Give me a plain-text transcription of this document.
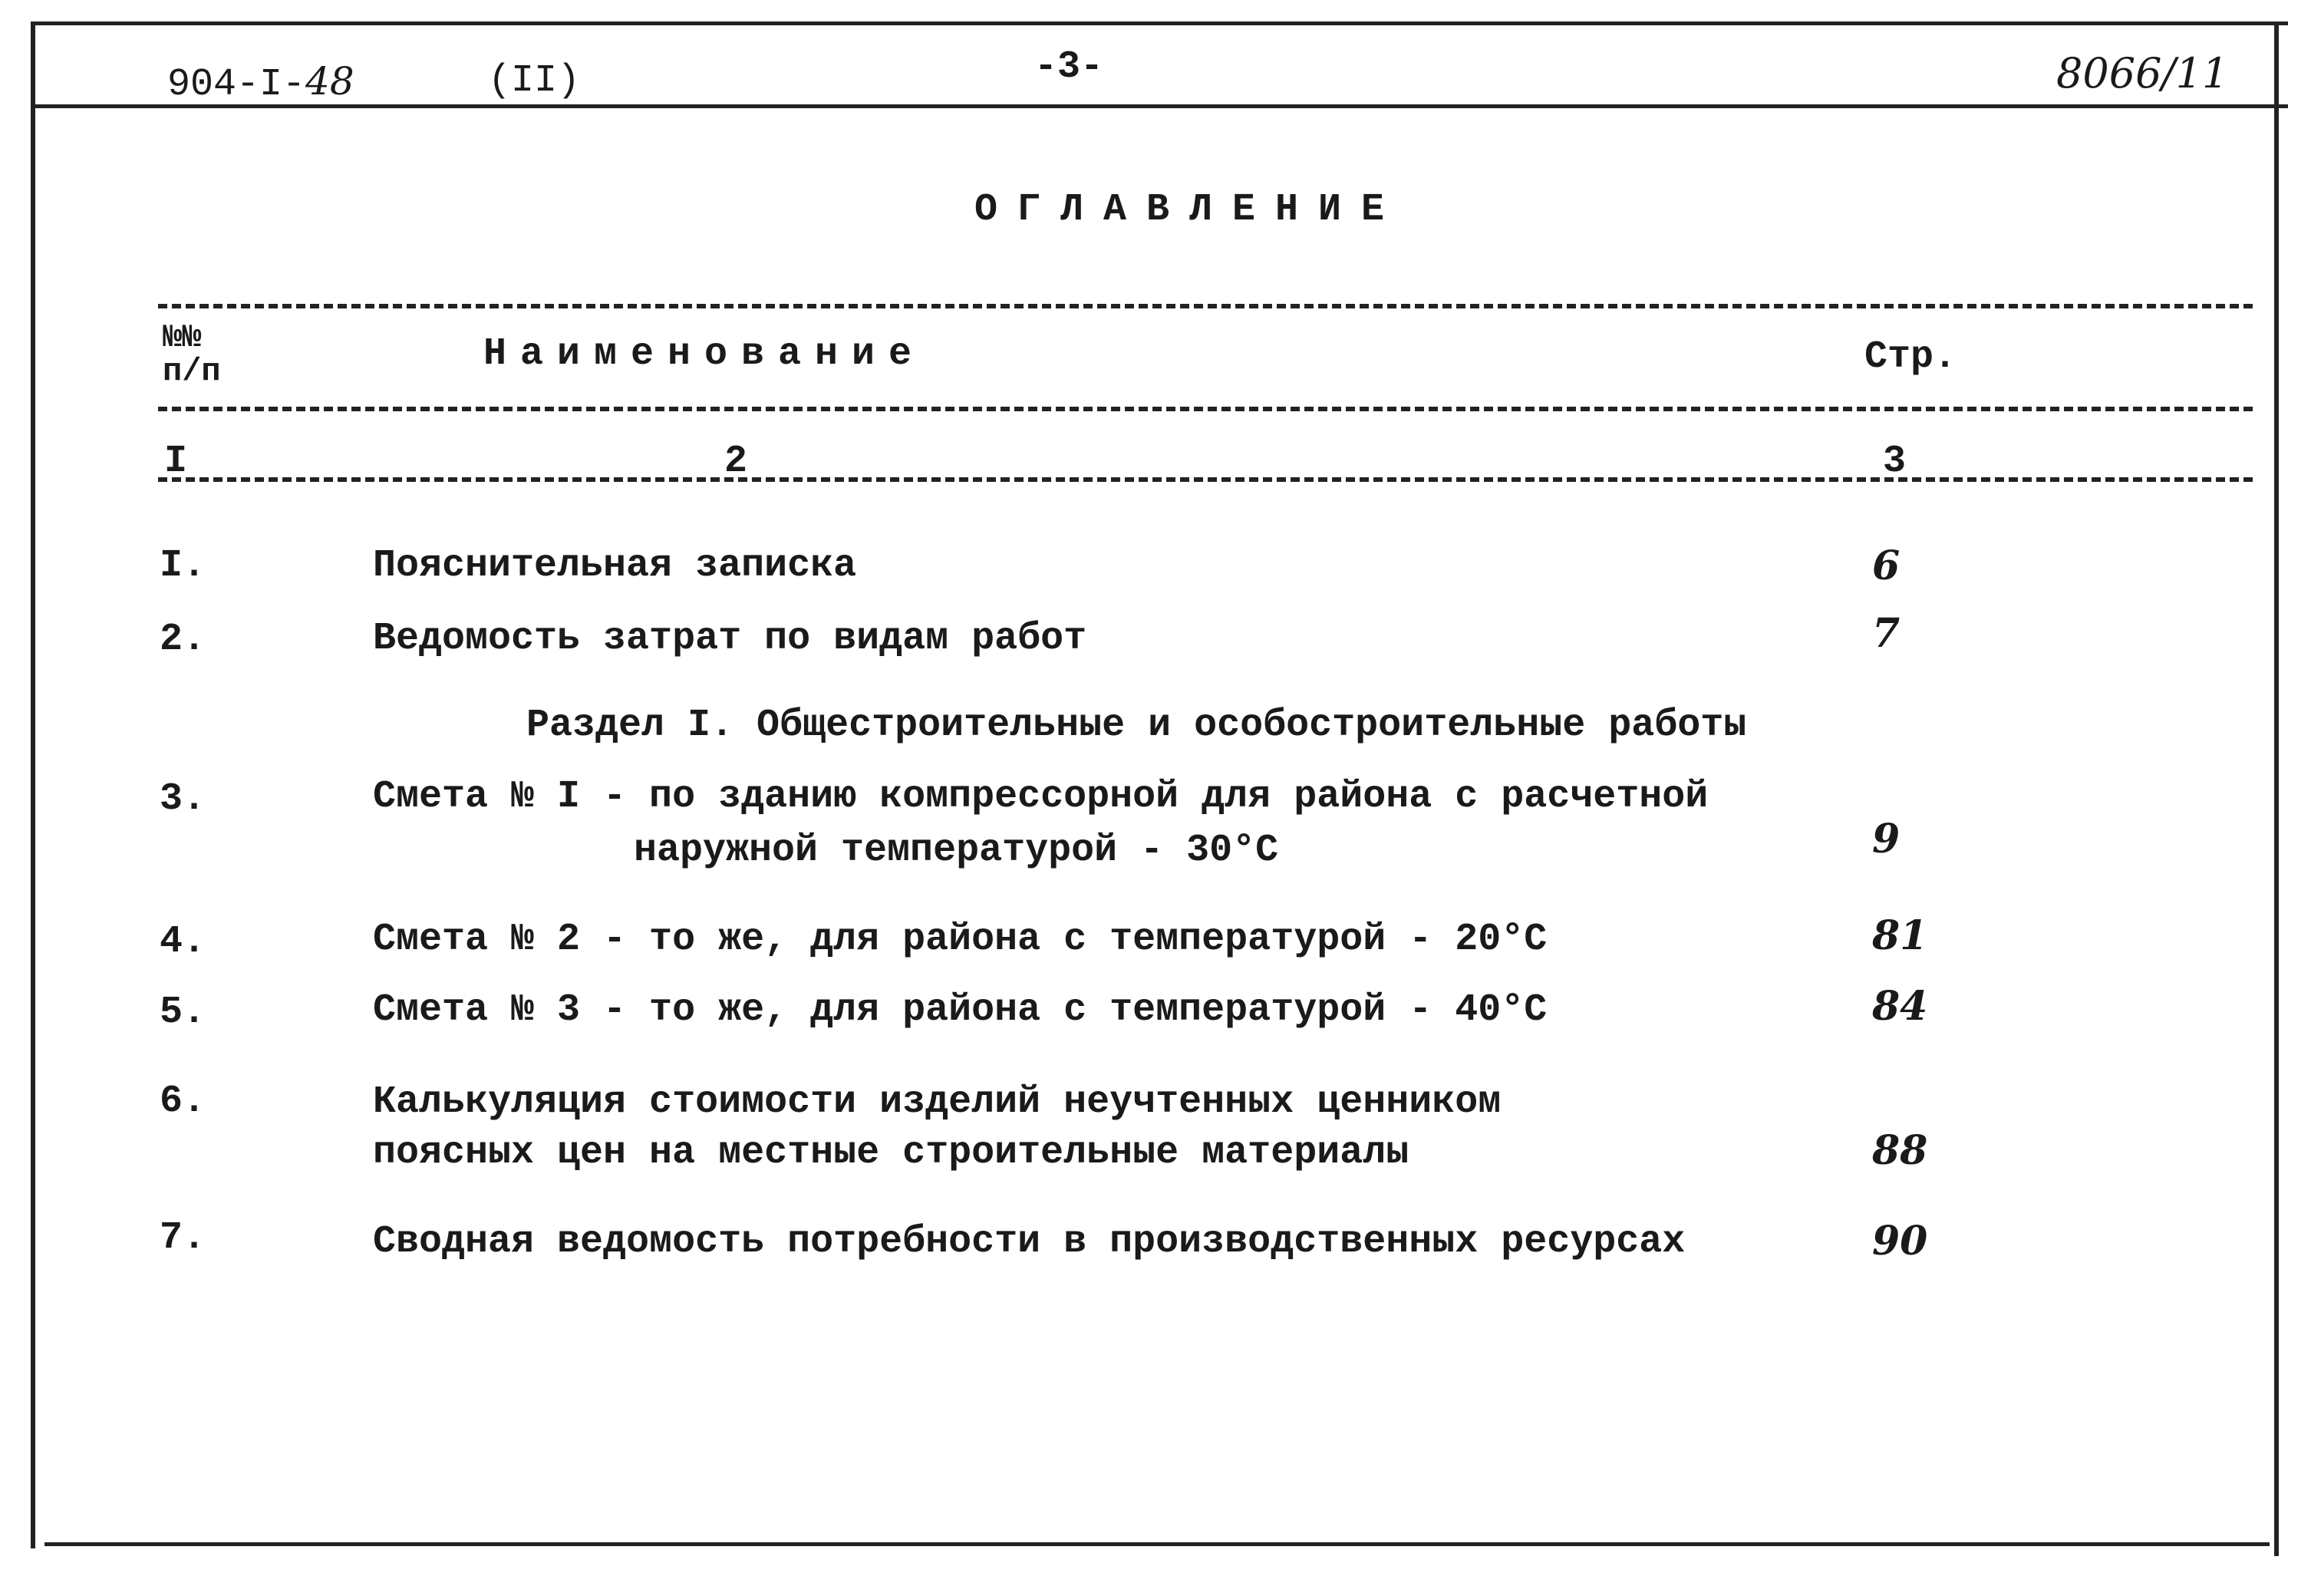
904-I-48	(II)	-3-	8066/11
ОГЛАВЛЕНИЕ
№№
п/п	Наименование	Стр.
I	2	3
I.	Пояснительная записка	6
2.	Ведомость затрат по видам работ	7
Раздел I. Общестроительные и особостроительные работы
3.	Смета № I - по зданию компрессорной для района с расчетной
наружной температурой - 30°С	9
4.	Смета № 2 - то же, для района с температурой - 20°С	81
5.	Смета № 3 - то же, для района с температурой - 40°С	84
6.	Калькуляция стоимости изделий неучтенных ценником
поясных цен на местные строительные материалы	88
7.	Сводная ведомость потребности в производственных ресурсах	90
